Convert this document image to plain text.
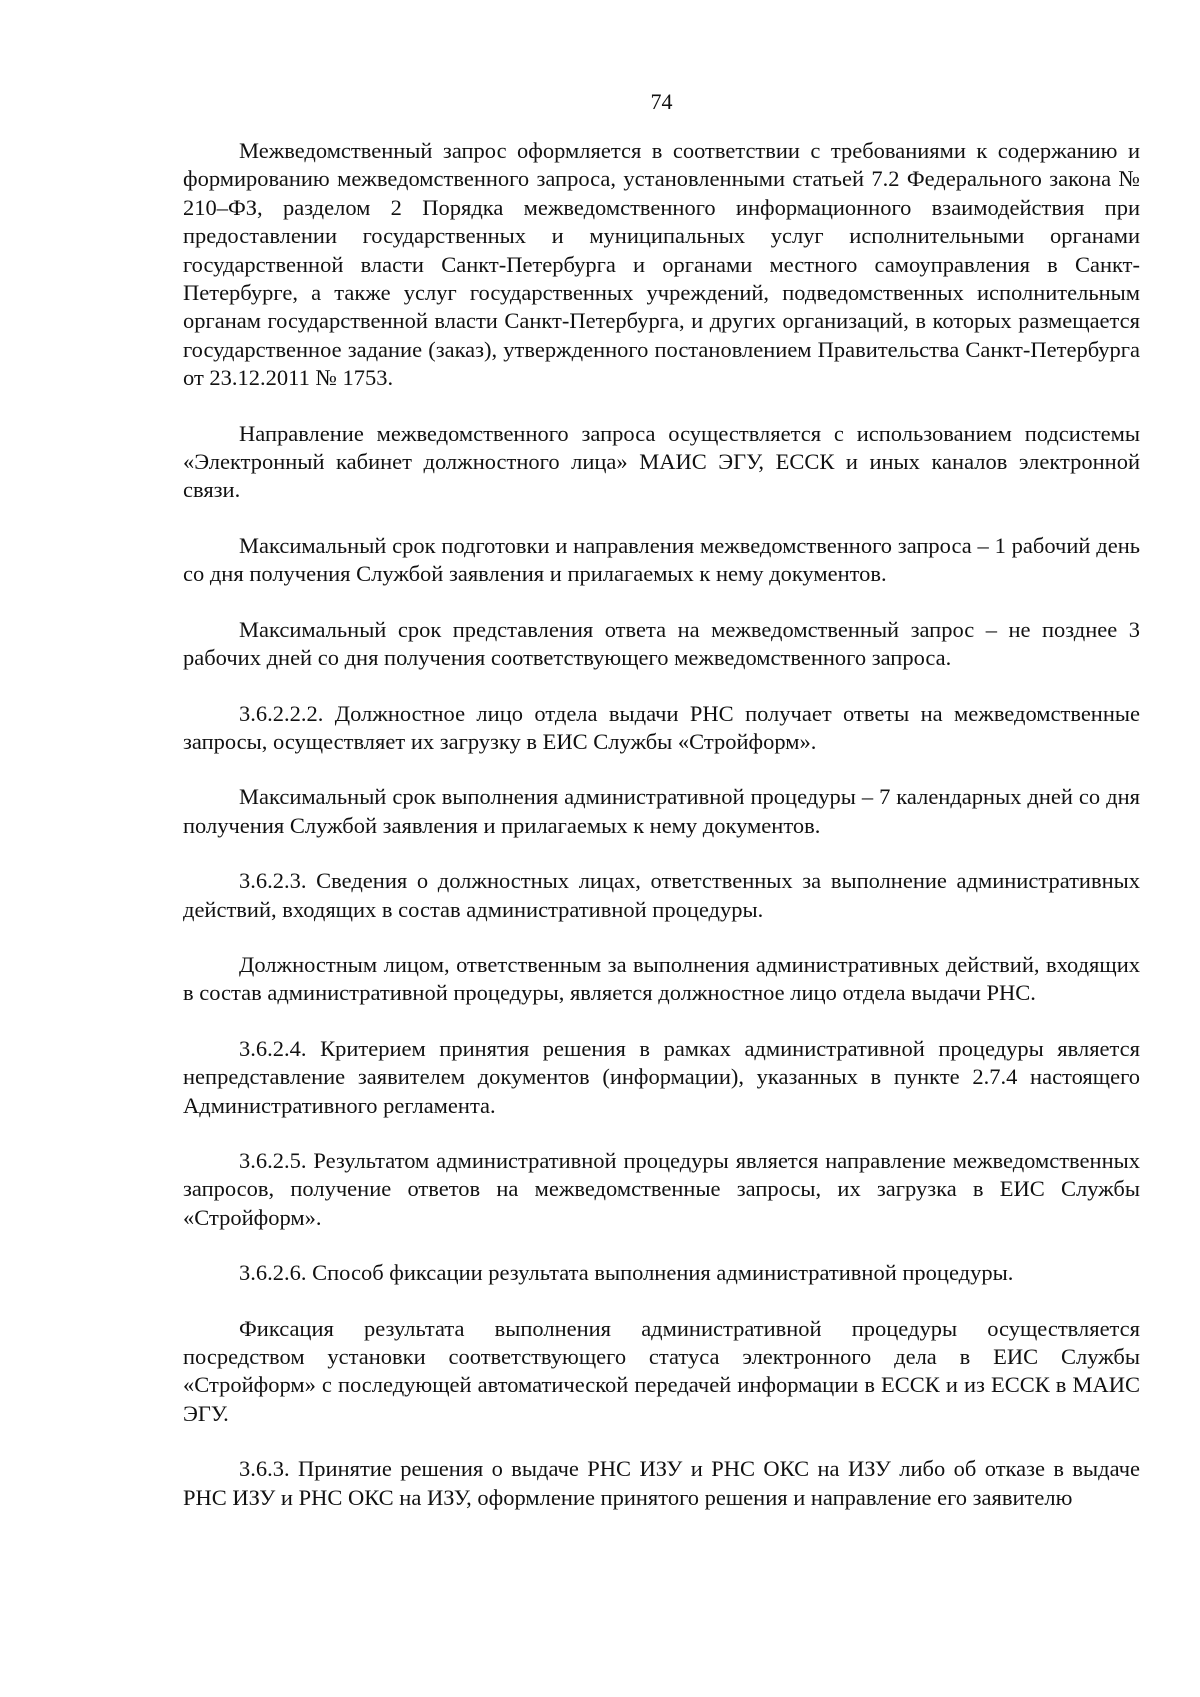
74

Межведомственный запрос оформляется в соответствии с требованиями к содержанию и формированию межведомственного запроса, установленными статьей 7.2 Федерального закона № 210–ФЗ, разделом 2 Порядка межведомственного информационного взаимодействия при предоставлении государственных и муниципальных услуг исполнительными органами государственной власти Санкт-Петербурга и органами местного самоуправления в Санкт-Петербурге, а также услуг государственных учреждений, подведомственных исполнительным органам государственной власти Санкт-Петербурга, и других организаций, в которых размещается государственное задание (заказ), утвержденного постановлением Правительства Санкт-Петербурга от 23.12.2011 № 1753.

Направление межведомственного запроса осуществляется с использованием подсистемы «Электронный кабинет должностного лица» МАИС ЭГУ, ЕССК и иных каналов электронной связи.

Максимальный срок подготовки и направления межведомственного запроса – 1 рабочий день со дня получения Службой заявления и прилагаемых к нему документов.

Максимальный срок представления ответа на межведомственный запрос – не позднее 3 рабочих дней со дня получения соответствующего межведомственного запроса.

3.6.2.2.2. Должностное лицо отдела выдачи РНС получает ответы на межведомственные запросы, осуществляет их загрузку в ЕИС Службы «Стройформ».

Максимальный срок выполнения административной процедуры – 7 календарных дней со дня получения Службой заявления и прилагаемых к нему документов.

3.6.2.3. Сведения о должностных лицах, ответственных за выполнение административных действий, входящих в состав административной процедуры.

Должностным лицом, ответственным за выполнения административных действий, входящих в состав административной процедуры, является должностное лицо отдела выдачи РНС.

3.6.2.4. Критерием принятия решения в рамках административной процедуры является непредставление заявителем документов (информации), указанных в пункте 2.7.4 настоящего Административного регламента.

3.6.2.5. Результатом административной процедуры является направление межведомственных запросов, получение ответов на межведомственные запросы, их загрузка в ЕИС Службы «Стройформ».

3.6.2.6. Способ фиксации результата выполнения административной процедуры.

Фиксация результата выполнения административной процедуры осуществляется посредством установки соответствующего статуса электронного дела в ЕИС Службы «Стройформ» с последующей автоматической передачей информации в ЕССК и из ЕССК в МАИС ЭГУ.

3.6.3. Принятие решения о выдаче РНС ИЗУ и РНС ОКС на ИЗУ либо об отказе в выдаче РНС ИЗУ и РНС ОКС на ИЗУ, оформление принятого решения и направление его заявителю
